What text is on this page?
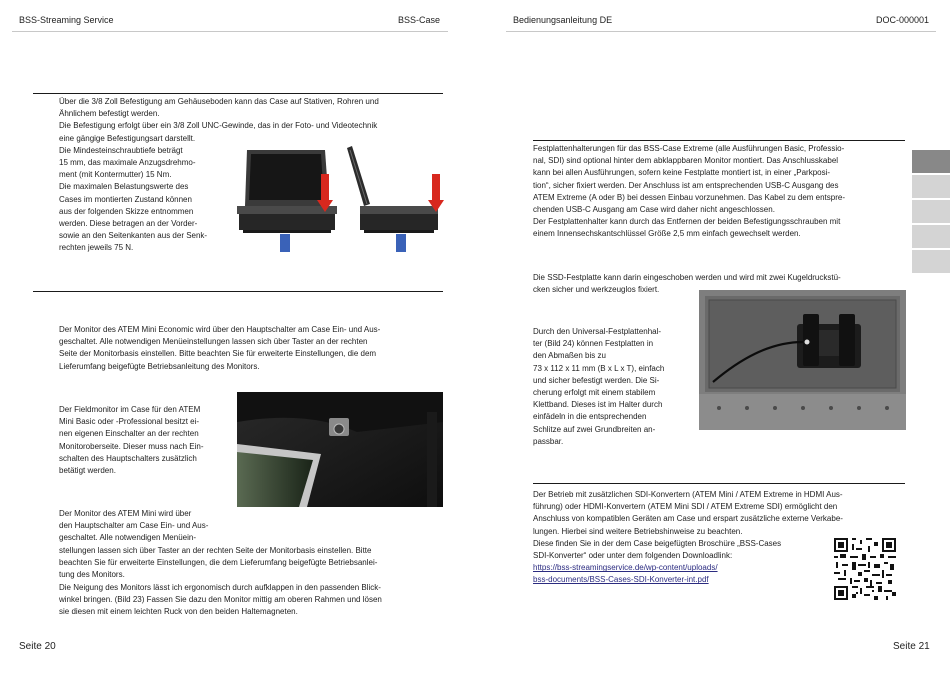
BSS-Streaming Service	BSS-Case	Bedienungsanleitung DE	DOC-000001
Über die 3/8 Zoll Befestigung am Gehäuseboden kann das Case auf Stativen, Rohren und
Ähnlichem befestigt werden.
Die Befestigung erfolgt über ein 3/8 Zoll UNC-Gewinde, das in der Foto- und Videotechnik
eine gängige Befestigungsart darstellt.
Die Mindesteinschraubtiefe beträgt
15 mm, das maximale Anzugsdrehmo-
ment (mit Kontermutter) 15 Nm.
Die maximalen Belastungswerte des
Cases im montierten Zustand können
aus der folgenden Skizze entnommen
werden. Diese betragen an der Vorder-
sowie an den Seitenkanten aus der Senk-
rechten jeweils 75 N.
Der Monitor des ATEM Mini Economic wird über den Hauptschalter am Case Ein- und Aus-
geschaltet. Alle notwendigen Menüeinstellungen lassen sich über Taster an der rechten
Seite der Monitorbasis einstellen. Bitte beachten Sie für erweiterte Einstellungen, die dem
Lieferumfang beigefügte Betriebsanleitung des Monitors.
Der Fieldmonitor im Case für den ATEM
Mini Basic oder -Professional besitzt ei-
nen eigenen Einschalter an der rechten
Monitoroberseite. Dieser muss nach Ein-
schalten des Hauptschalters zusätzlich
betätigt werden.
Der Monitor des ATEM Mini wird über
den Hauptschalter am Case Ein- und Aus-
geschaltet. Alle notwendigen Menüein-
stellungen lassen sich über Taster an der rechten Seite der Monitorbasis einstellen. Bitte
beachten Sie für erweiterte Einstellungen, die dem Lieferumfang beigefügte Betriebsanlei-
tung des Monitors.
Die Neigung des Monitors lässt ich ergonomisch durch aufklappen in den passenden Blick-
winkel bringen. (Bild 23) Fassen Sie dazu den Monitor mittig am oberen Rahmen und lösen
sie diesen mit einem leichten Ruck von den beiden Haltemagneten.
Seite 20
Festplattenhalterungen für das BSS-Case Extreme (alle Ausführungen Basic, Professio-
nal, SDI) sind optional hinter dem abklappbaren Monitor montiert. Das Anschlusskabel
kann bei allen Ausführungen, sofern keine Festplatte montiert ist, in einer „Parkposi-
tion“, sicher fixiert werden. Der Anschluss ist am entsprechenden USB-C Ausgang des
ATEM Extreme (A oder B) bei dessen Einbau vorzunehmen. Das Kabel zu dem entspre-
chenden USB-C Ausgang am Case wird daher nicht angeschlossen.
Der Festplattenhalter kann durch das Entfernen der beiden Befestigungsschrauben mit
einem Innensechskantschlüssel Größe 2,5 mm einfach gewechselt werden.
Die SSD-Festplatte kann darin eingeschoben werden und wird mit zwei Kugeldruckstü-
cken sicher und werkzeuglos fixiert.
Durch den Universal-Festplattenhal-
ter (Bild 24) können Festplatten in
den Abmaßen bis zu
73 x 112 x 11 mm (B x L x T), einfach
und sicher befestigt werden. Die Si-
cherung erfolgt mit einem stabilem
Klettband. Dieses ist im Halter durch
einfädeln in die entsprechenden
Schlitze auf zwei Grundbreiten an-
passbar.
Der Betrieb mit zusätzlichen SDI-Konvertern (ATEM Mini / ATEM Extreme in HDMI Aus-
führung) oder HDMI-Konvertern (ATEM Mini SDI / ATEM Extreme SDI) ermöglicht den
Anschluss von kompatiblen Geräten am Case und erspart zusätzliche externe Verkabe-
lungen. Hierbei sind weitere Betriebshinweise zu beachten.
Diese finden Sie in der dem Case beigefügten Broschüre „BSS-Cases
SDI-Konverter“ oder unter dem folgenden Downloadlink:
https://bss-streamingservice.de/wp-content/uploads/
bss-documents/BSS-Cases-SDI-Konverter-int.pdf
Seite 21
